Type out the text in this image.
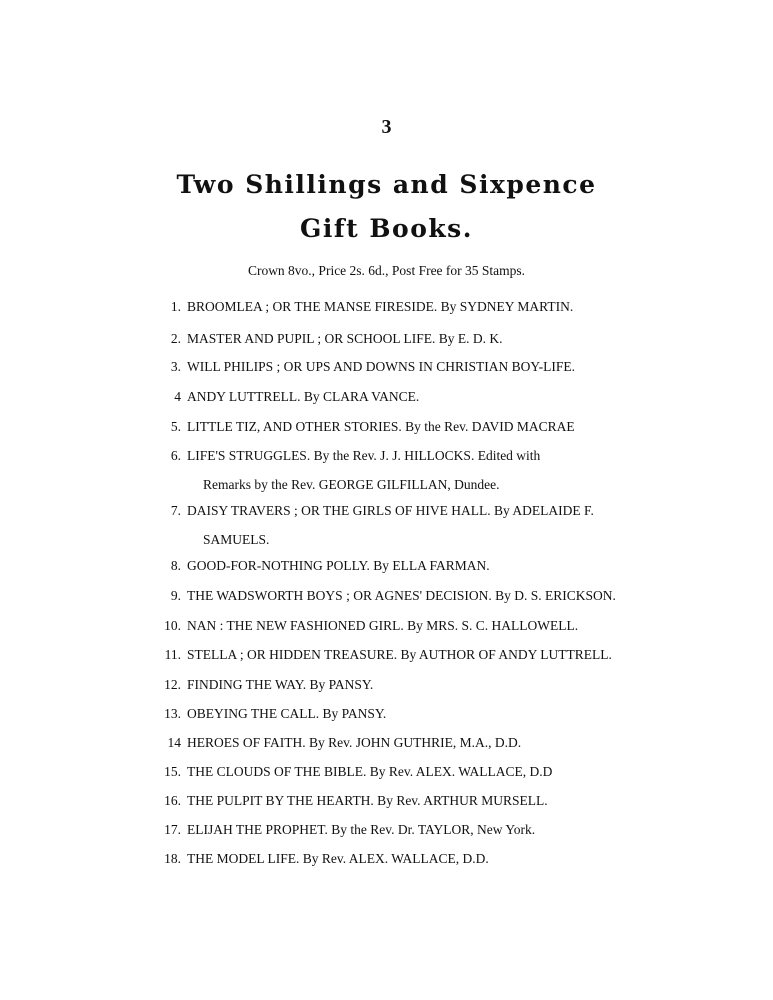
3
Two Shillings and Sixpence
Gift Books.
Crown 8vo., Price 2s. 6d., Post Free for 35 Stamps.
1. BROOMLEA ; OR THE MANSE FIRESIDE. By SYDNEY MARTIN.
2. MASTER AND PUPIL ; OR SCHOOL LIFE. By E. D. K.
3. WILL PHILIPS ; OR UPS AND DOWNS IN CHRISTIAN BOY-LIFE.
4 ANDY LUTTRELL. By CLARA VANCE.
5. LITTLE TIZ, AND OTHER STORIES. By the Rev. DAVID MACRAE
6. LIFE'S STRUGGLES. By the Rev. J. J. HILLOCKS. Edited with
Remarks by the Rev. GEORGE GILFILLAN, Dundee.
7. DAISY TRAVERS ; OR THE GIRLS OF HIVE HALL. By ADELAIDE F.
SAMUELS.
8. GOOD-FOR-NOTHING POLLY. By ELLA FARMAN.
9. THE WADSWORTH BOYS ; OR AGNES' DECISION. By D. S. ERICKSON.
10. NAN : THE NEW FASHIONED GIRL. By MRS. S. C. HALLOWELL.
11. STELLA ; OR HIDDEN TREASURE. By AUTHOR OF ANDY LUTTRELL.
12. FINDING THE WAY. By PANSY.
13. OBEYING THE CALL. By PANSY.
14 HEROES OF FAITH. By Rev. JOHN GUTHRIE, M.A., D.D.
15. THE CLOUDS OF THE BIBLE. By Rev. ALEX. WALLACE, D.D
16. THE PULPIT BY THE HEARTH. By Rev. ARTHUR MURSELL.
17. ELIJAH THE PROPHET. By the Rev. Dr. TAYLOR, New York.
18. THE MODEL LIFE. By Rev. ALEX. WALLACE, D.D.
